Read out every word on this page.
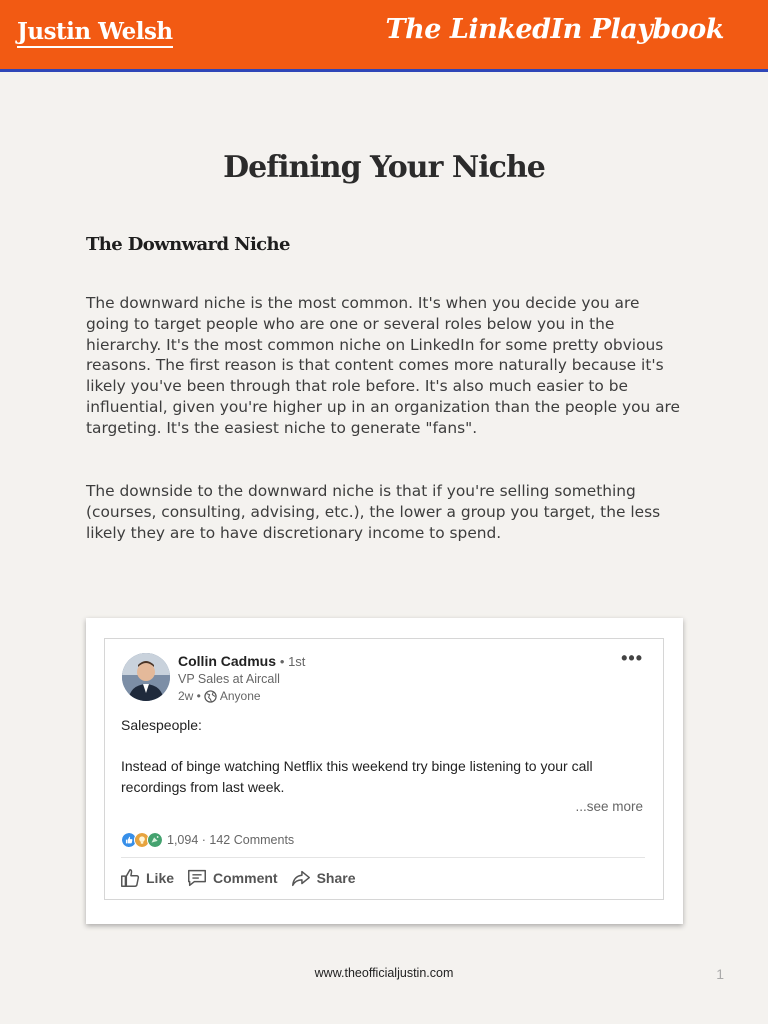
Justin Welsh	The LinkedIn Playbook
Defining Your Niche
The Downward Niche

The downward niche is the most common. It's when you decide you are going to target people who are one or several roles below you in the hierarchy. It's the most common niche on LinkedIn for some pretty obvious reasons. The first reason is that content comes more naturally because it's likely you've been through that role before. It's also much easier to be influential, given you're higher up in an organization than the people you are targeting. It's the easiest niche to generate "fans".

The downside to the downward niche is that if you're selling something (courses, consulting, advising, etc.), the lower a group you target, the less likely they are to have discretionary income to spend.

Collin Cadmus • 1st
VP Sales at Aircall
2w • Anyone
•••
Salespeople:
Instead of binge watching Netflix this weekend try binge listening to your call recordings from last week.
...see more
1,094
· 142 Comments
Like	Comment	Share
www.theofficialjustin.com	1
